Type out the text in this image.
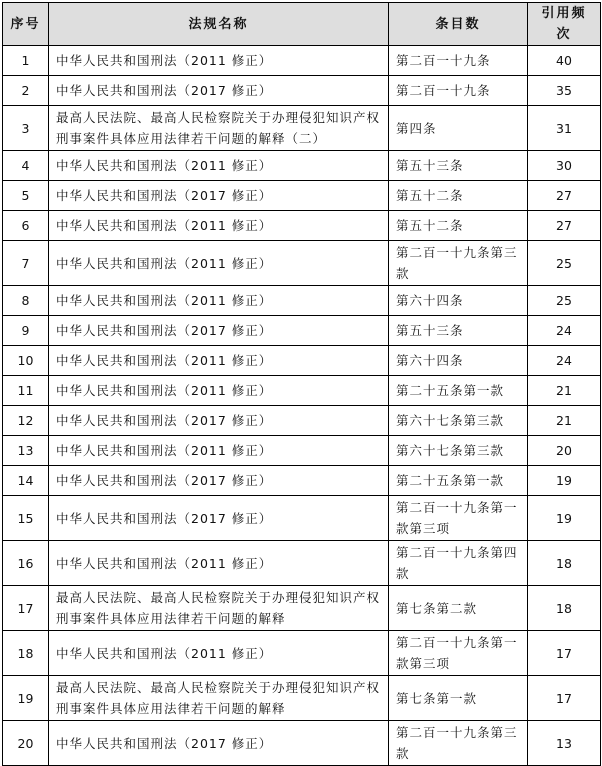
序号	法规名称	条目数	引用频次
1	中华人民共和国刑法（2011 修正）	第二百一十九条	40
2	中华人民共和国刑法（2017 修正）	第二百一十九条	35
3	最高人民法院、最高人民检察院关于办理侵犯知识产权刑事案件具体应用法律若干问题的解释（二）	第四条	31
4	中华人民共和国刑法（2011 修正）	第五十三条	30
5	中华人民共和国刑法（2017 修正）	第五十二条	27
6	中华人民共和国刑法（2011 修正）	第五十二条	27
7	中华人民共和国刑法（2011 修正）	第二百一十九条第三款	25
8	中华人民共和国刑法（2011 修正）	第六十四条	25
9	中华人民共和国刑法（2017 修正）	第五十三条	24
10	中华人民共和国刑法（2011 修正）	第六十四条	24
11	中华人民共和国刑法（2011 修正）	第二十五条第一款	21
12	中华人民共和国刑法（2017 修正）	第六十七条第三款	21
13	中华人民共和国刑法（2011 修正）	第六十七条第三款	20
14	中华人民共和国刑法（2017 修正）	第二十五条第一款	19
15	中华人民共和国刑法（2017 修正）	第二百一十九条第一款第三项	19
16	中华人民共和国刑法（2011 修正）	第二百一十九条第四款	18
17	最高人民法院、最高人民检察院关于办理侵犯知识产权刑事案件具体应用法律若干问题的解释	第七条第二款	18
18	中华人民共和国刑法（2011 修正）	第二百一十九条第一款第三项	17
19	最高人民法院、最高人民检察院关于办理侵犯知识产权刑事案件具体应用法律若干问题的解释	第七条第一款	17
20	中华人民共和国刑法（2017 修正）	第二百一十九条第三款	13
